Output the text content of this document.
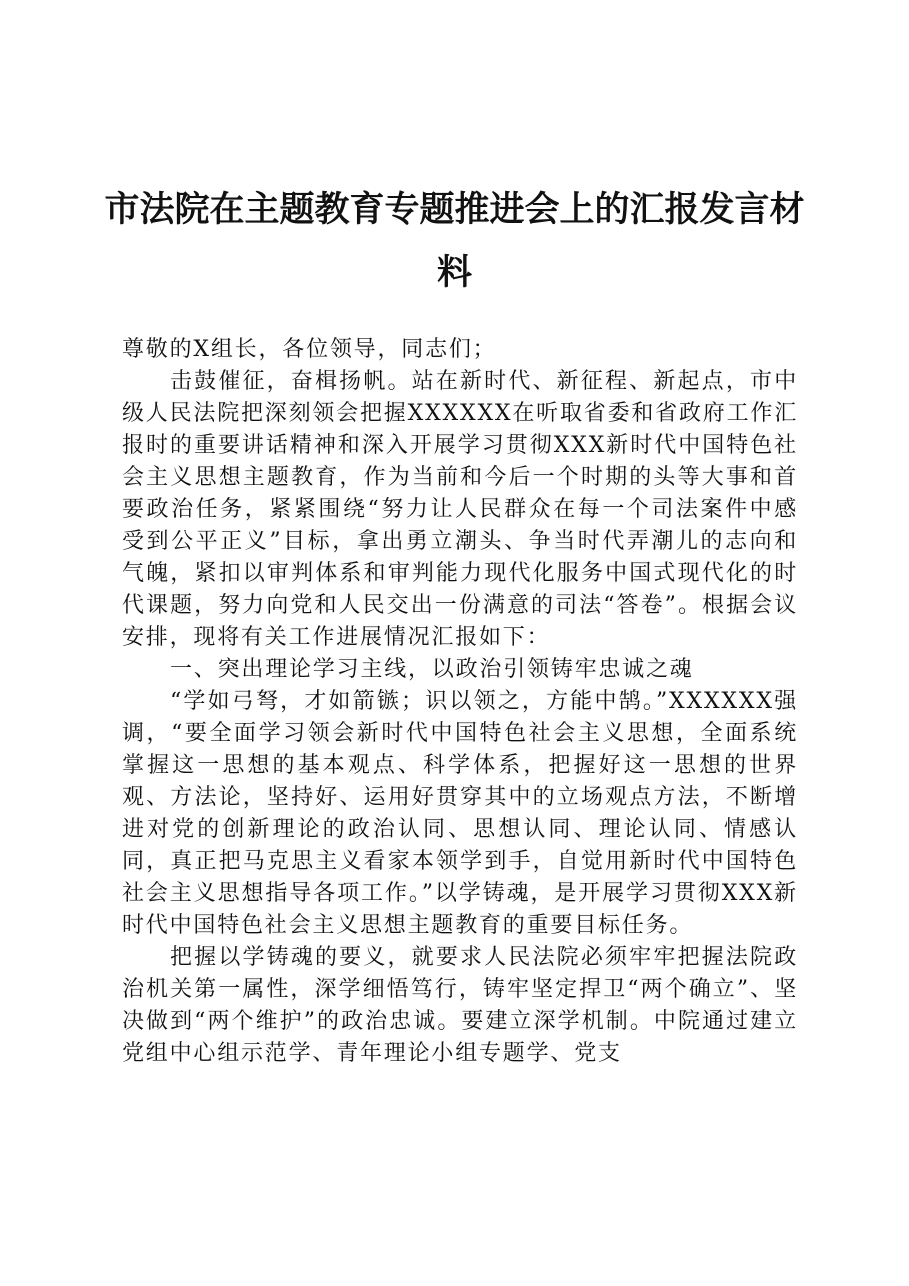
市法院在主题教育专题推进会上的汇报发言材料

尊敬的X组长，各位领导，同志们；

击鼓催征，奋楫扬帆。站在新时代、新征程、新起点，市中级人民法院把深刻领会把握XXXXXX在听取省委和省政府工作汇报时的重要讲话精神和深入开展学习贯彻XXX新时代中国特色社会主义思想主题教育，作为当前和今后一个时期的头等大事和首要政治任务，紧紧围绕“努力让人民群众在每一个司法案件中感受到公平正义”目标，拿出勇立潮头、争当时代弄潮儿的志向和气魄，紧扣以审判体系和审判能力现代化服务中国式现代化的时代课题，努力向党和人民交出一份满意的司法“答卷”。根据会议安排，现将有关工作进展情况汇报如下：

一、突出理论学习主线，以政治引领铸牢忠诚之魂

“学如弓弩，才如箭镞；识以领之，方能中鹄。”XXXXXX强调，“要全面学习领会新时代中国特色社会主义思想，全面系统掌握这一思想的基本观点、科学体系，把握好这一思想的世界观、方法论，坚持好、运用好贯穿其中的立场观点方法，不断增进对党的创新理论的政治认同、思想认同、理论认同、情感认同，真正把马克思主义看家本领学到手，自觉用新时代中国特色社会主义思想指导各项工作。”以学铸魂，是开展学习贯彻XXX新时代中国特色社会主义思想主题教育的重要目标任务。

把握以学铸魂的要义，就要求人民法院必须牢牢把握法院政治机关第一属性，深学细悟笃行，铸牢坚定捍卫“两个确立”、坚决做到“两个维护”的政治忠诚。要建立深学机制。中院通过建立党组中心组示范学、青年理论小组专题学、党支
